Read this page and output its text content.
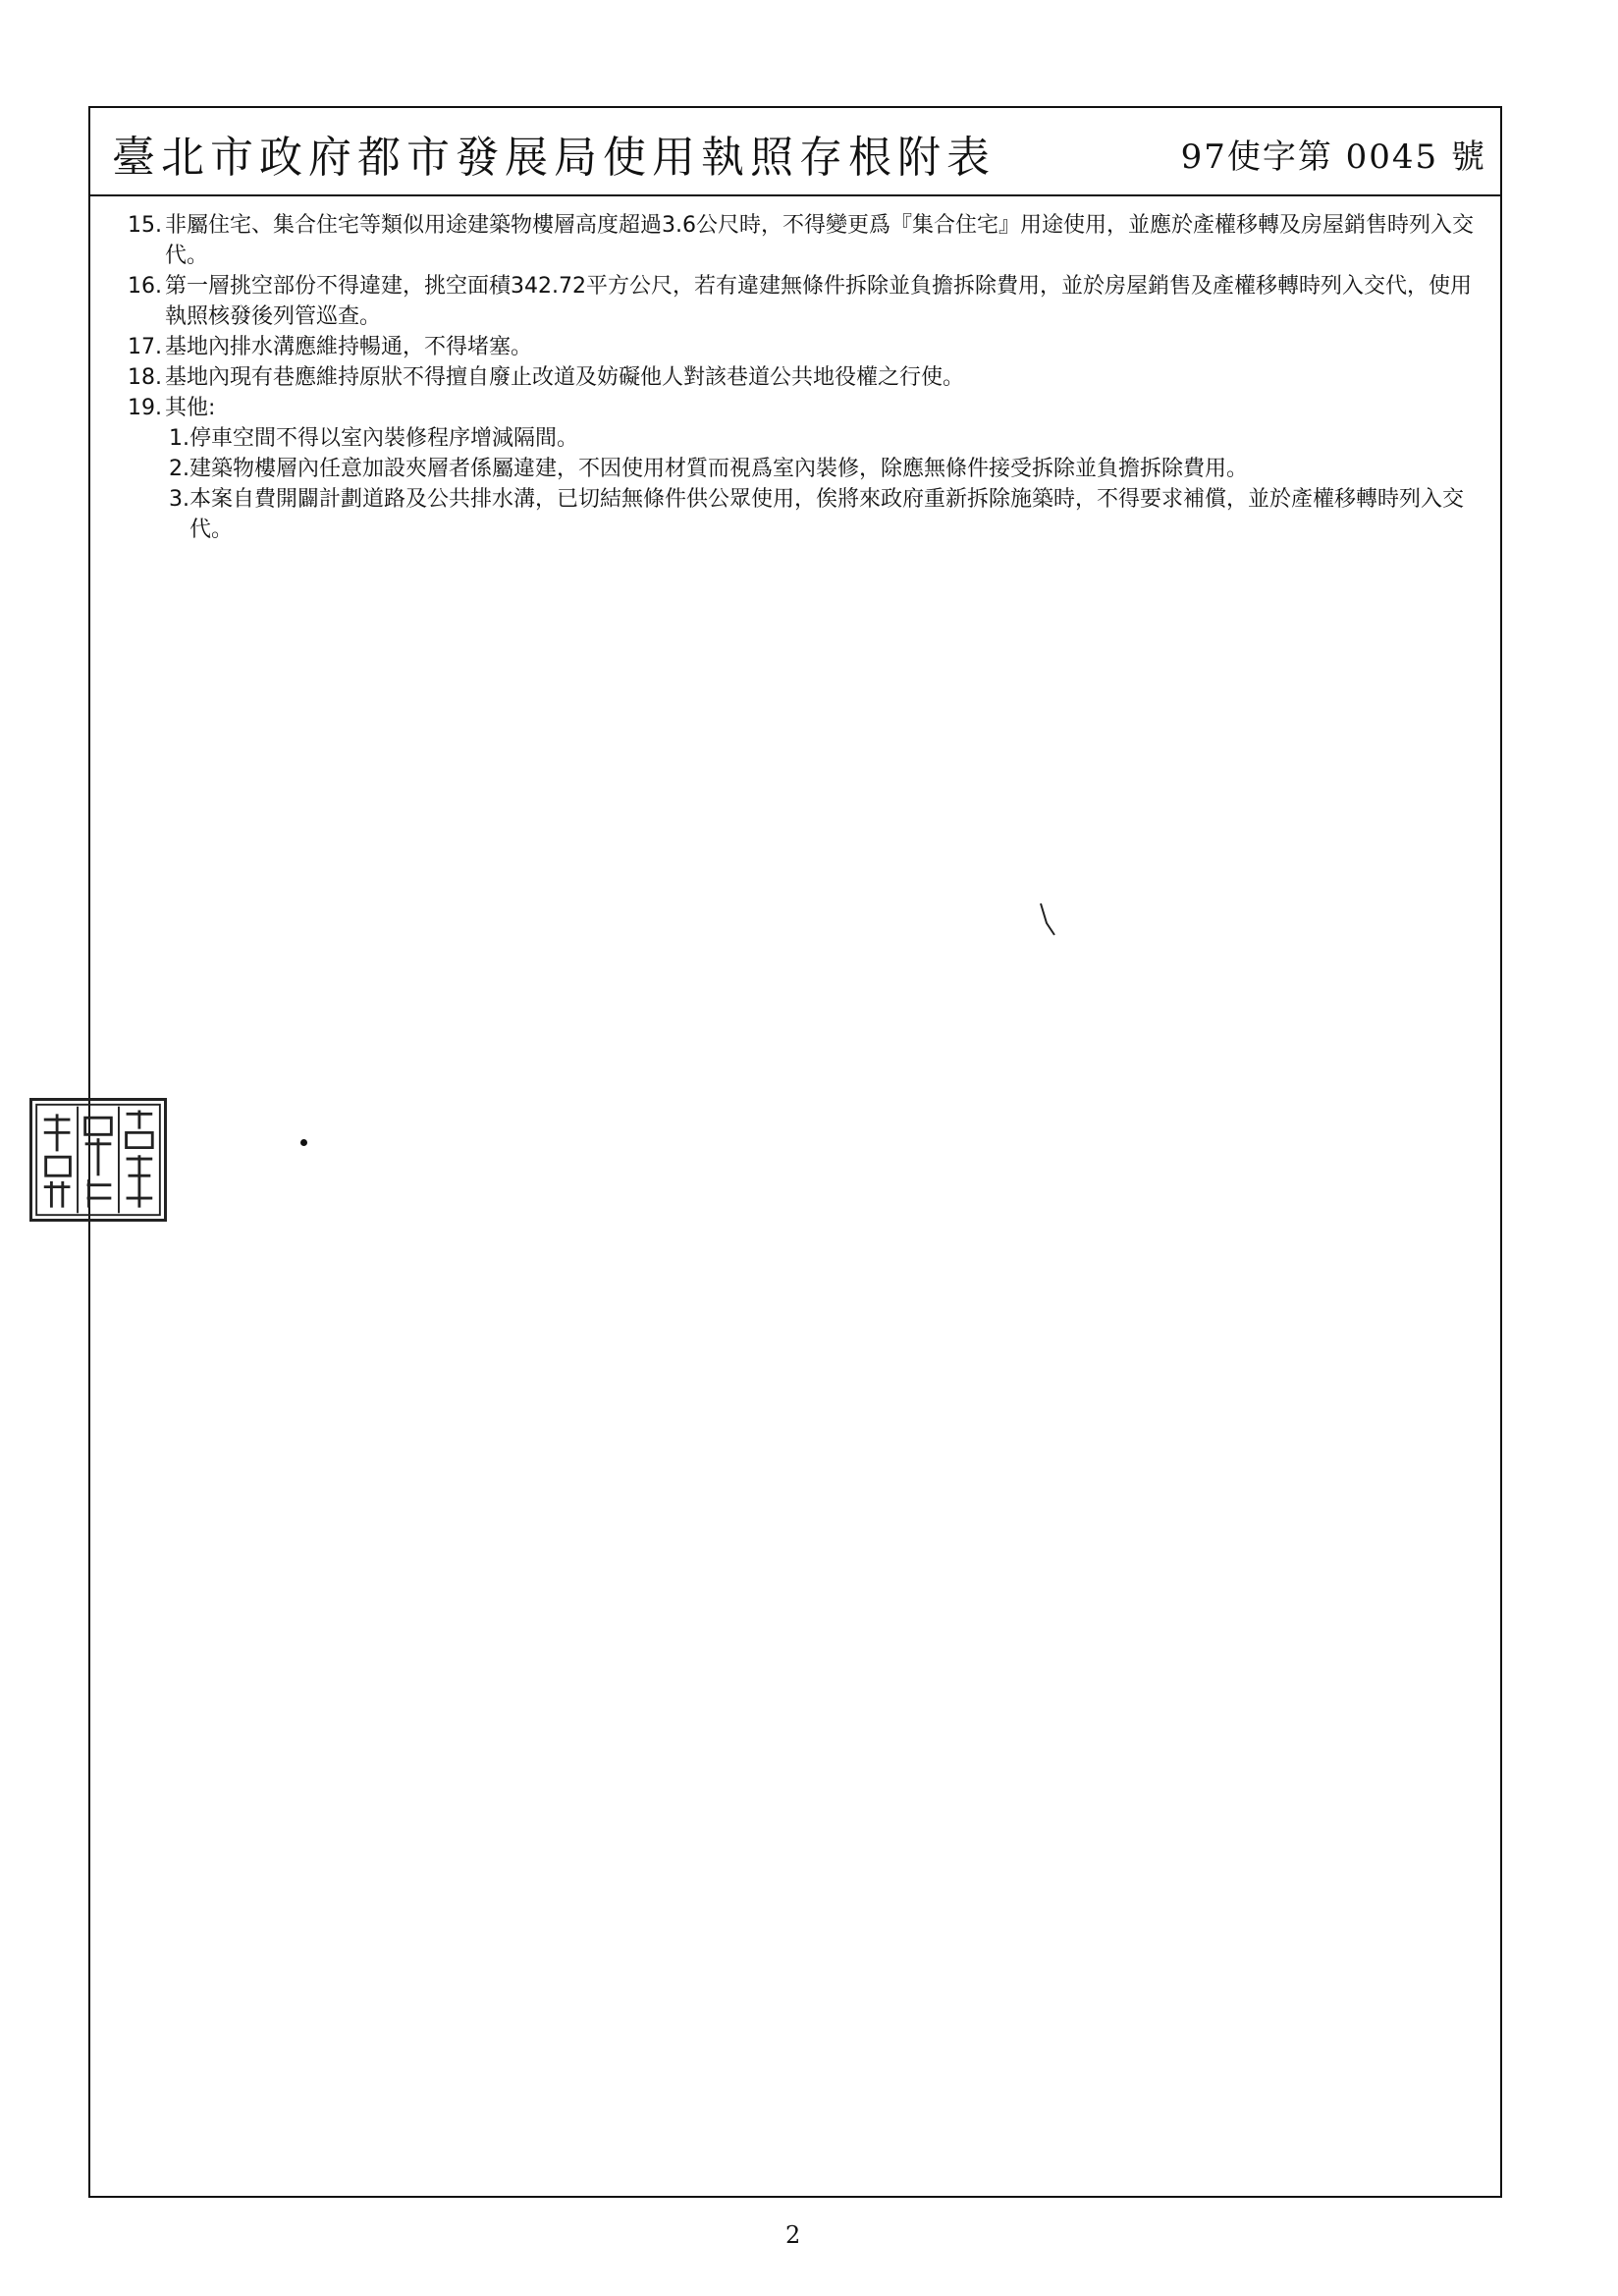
臺北市政府都市發展局使用執照存根附表	97使字第 0045 號
15. 非屬住宅、集合住宅等類似用途建築物樓層高度超過3.6公尺時，不得變更爲『集合住宅』用途使用，並應於產權移轉及房屋銷售時列入交代。
16. 第一層挑空部份不得違建，挑空面積342.72平方公尺，若有違建無條件拆除並負擔拆除費用，並於房屋銷售及產權移轉時列入交代，使用執照核發後列管巡查。
17. 基地內排水溝應維持暢通，不得堵塞。
18. 基地內現有巷應維持原狀不得擅自廢止改道及妨礙他人對該巷道公共地役權之行使。
19. 其他:
1. 停車空間不得以室內裝修程序增減隔間。
2. 建築物樓層內任意加設夾層者係屬違建，不因使用材質而視爲室內裝修，除應無條件接受拆除並負擔拆除費用。
3. 本案自費開闢計劃道路及公共排水溝，已切結無條件供公眾使用，俟將來政府重新拆除施築時，不得要求補償，並於產權移轉時列入交代。
2
